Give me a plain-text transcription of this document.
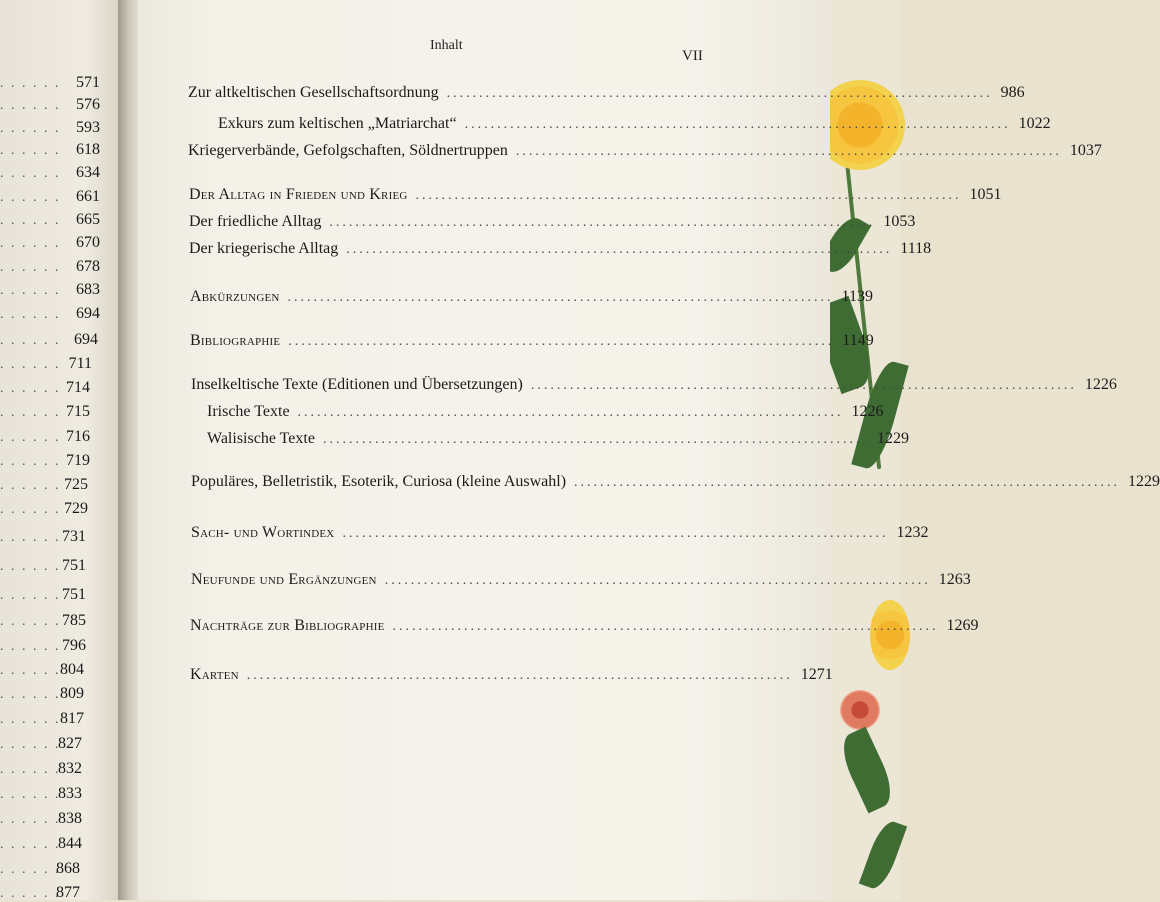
. . . . . . 571
. . . . . . 576
. . . . . . 593
. . . . . . 618
. . . . . . 634
. . . . . . 661
. . . . . . 665
. . . . . . 670
. . . . . . 678
. . . . . . 683
. . . . . . 694
. . . . . . 694
. . . . . . 711
. . . . . . 714
. . . . . . 715
. . . . . . 716
. . . . . . 719
. . . . . . 725
. . . . . . 729
. . . . . . 731
. . . . . . 751
. . . . . . 751
. . . . . . 785
. . . . . . 796
. . . . . . 804
. . . . . . 809
. . . . . . 817
. . . . . .
827
. . . . . .
832
. . . . . .
833
. . . . . .
838
. . . . . .
844
. . . . . .
868
. . . . . .
877
Inhalt
VII
Zur altkeltischen Gesellschaftsordnung .................................................................................... 986
Exkurs zum keltischen „Matriarchat“ .................................................................................... 1022
Kriegerverbände, Gefolgschaften, Söldnertruppen .................................................................................... 1037
Der Alltag in Frieden und Krieg .................................................................................... 1051
Der friedliche Alltag .................................................................................... 1053
Der kriegerische Alltag .................................................................................... 1118
Abkürzungen .................................................................................... 1139
Bibliographie .................................................................................... 1149
Inselkeltische Texte (Editionen und Übersetzungen) .................................................................................... 1226
Irische Texte .................................................................................... 1226
Walisische Texte .................................................................................... 1229
Populäres, Belletristik, Esoterik, Curiosa (kleine Auswahl) .................................................................................... 1229
Sach- und Wortindex .................................................................................... 1232
Neufunde und Ergänzungen .................................................................................... 1263
Nachträge zur Bibliographie .................................................................................... 1269
Karten .................................................................................... 1271
